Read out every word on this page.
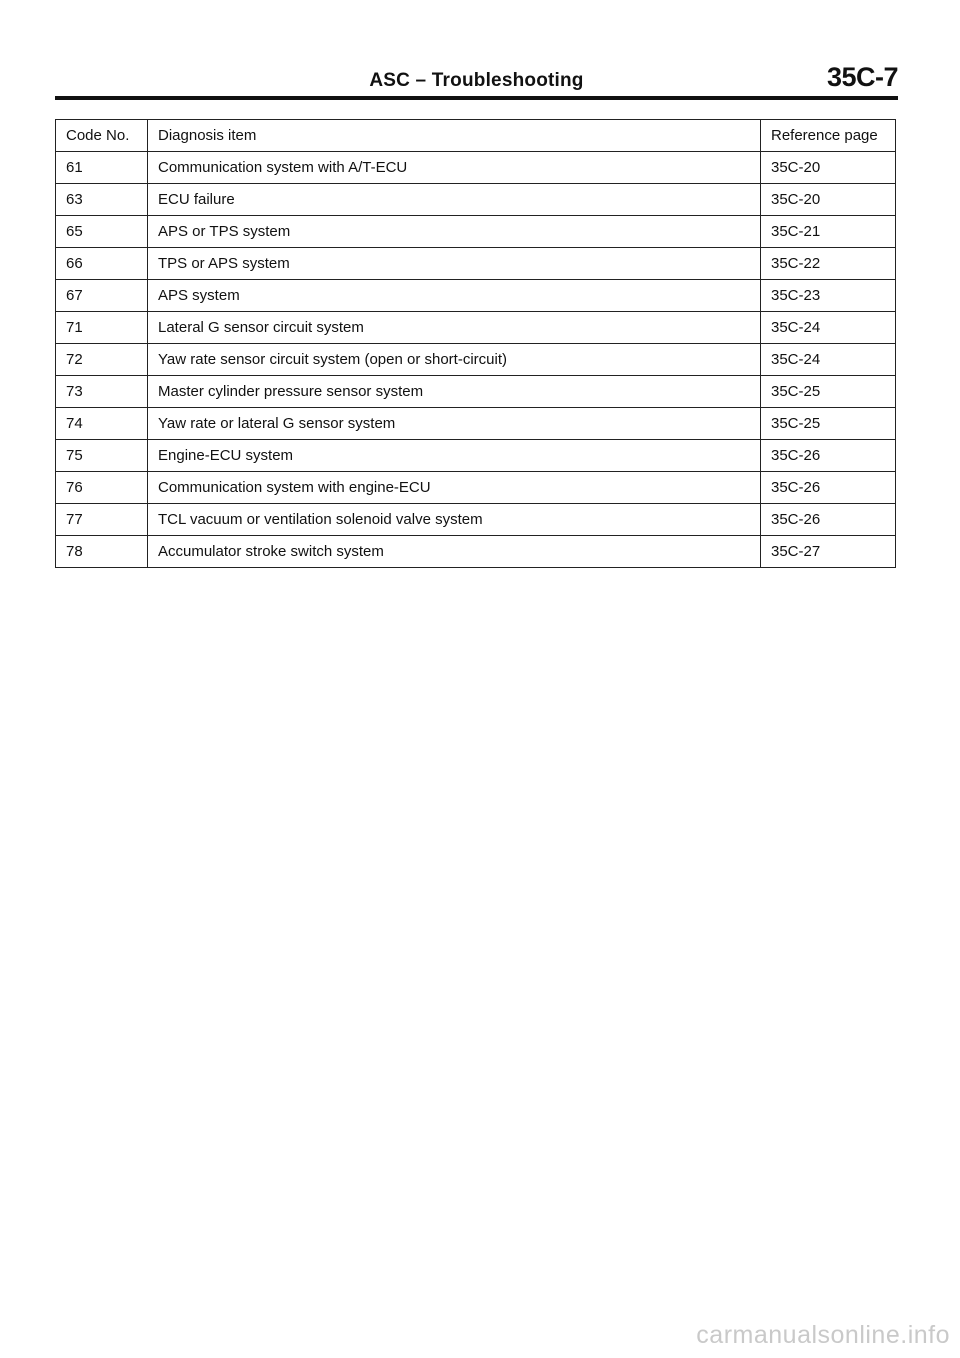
ASC – Troubleshooting	35C-7
Code No.	Diagnosis item	Reference page
61	Communication system with A/T-ECU	35C-20
63	ECU failure	35C-20
65	APS or TPS system	35C-21
66	TPS or APS system	35C-22
67	APS system	35C-23
71	Lateral G sensor circuit system	35C-24
72	Yaw rate sensor circuit system (open or short-circuit)	35C-24
73	Master cylinder pressure sensor system	35C-25
74	Yaw rate or lateral G sensor system	35C-25
75	Engine-ECU system	35C-26
76	Communication system with engine-ECU	35C-26
77	TCL vacuum or ventilation solenoid valve system	35C-26
78	Accumulator stroke switch system	35C-27
carmanualsonline.info
